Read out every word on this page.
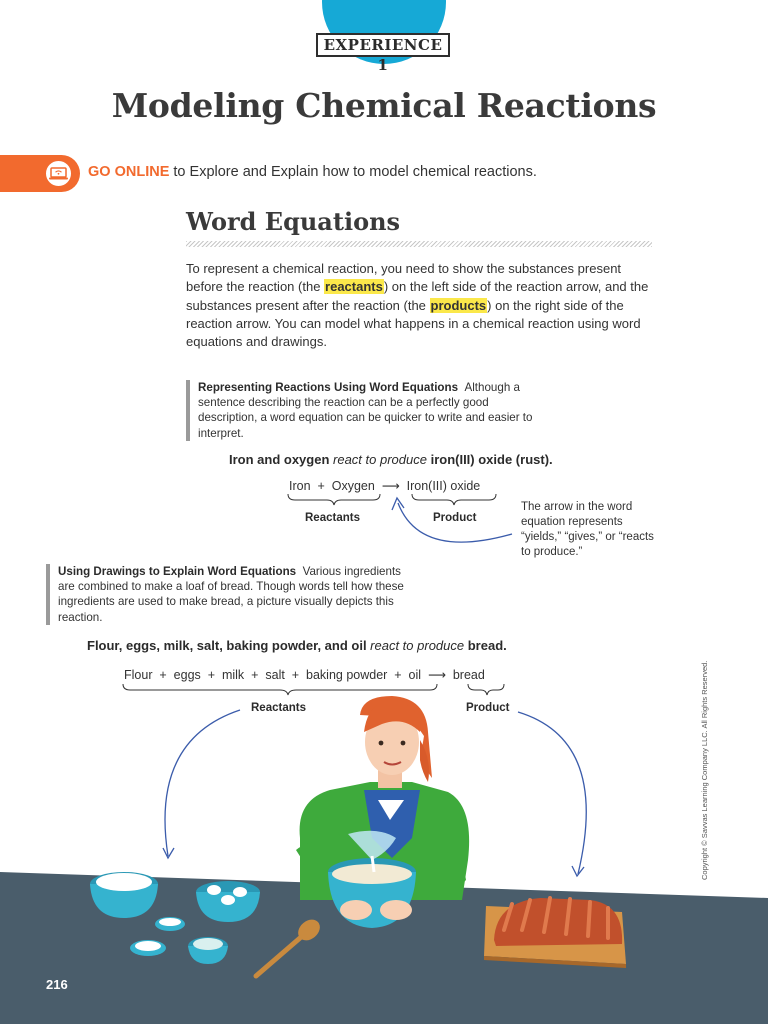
EXPERIENCE 1
Modeling Chemical Reactions
GO ONLINE to Explore and Explain how to model chemical reactions.
Word Equations
To represent a chemical reaction, you need to show the substances present before the reaction (the reactants) on the left side of the reaction arrow, and the substances present after the reaction (the products) on the right side of the reaction arrow. You can model what happens in a chemical reaction using word equations and drawings.
Representing Reactions Using Word Equations Although a sentence describing the reaction can be a perfectly good description, a word equation can be quicker to write and easier to interpret.
Iron and oxygen react to produce iron(III) oxide (rust).
Iron  +  Oxygen  ⟶  Iron(III) oxide
Reactants	Product
The arrow in the word equation represents “yields,” “gives,” or “reacts to produce.”
Using Drawings to Explain Word Equations Various ingredients are combined to make a loaf of bread. Though words tell how these ingredients are used to make bread, a picture visually depicts this reaction.
Flour, eggs, milk, salt, baking powder, and oil react to produce bread.
Flour  +  eggs  +  milk  +  salt  +  baking powder  +  oil  ⟶  bread
Reactants	Product	Copyright © Savvas Learning Company LLC. All Rights Reserved.
216
